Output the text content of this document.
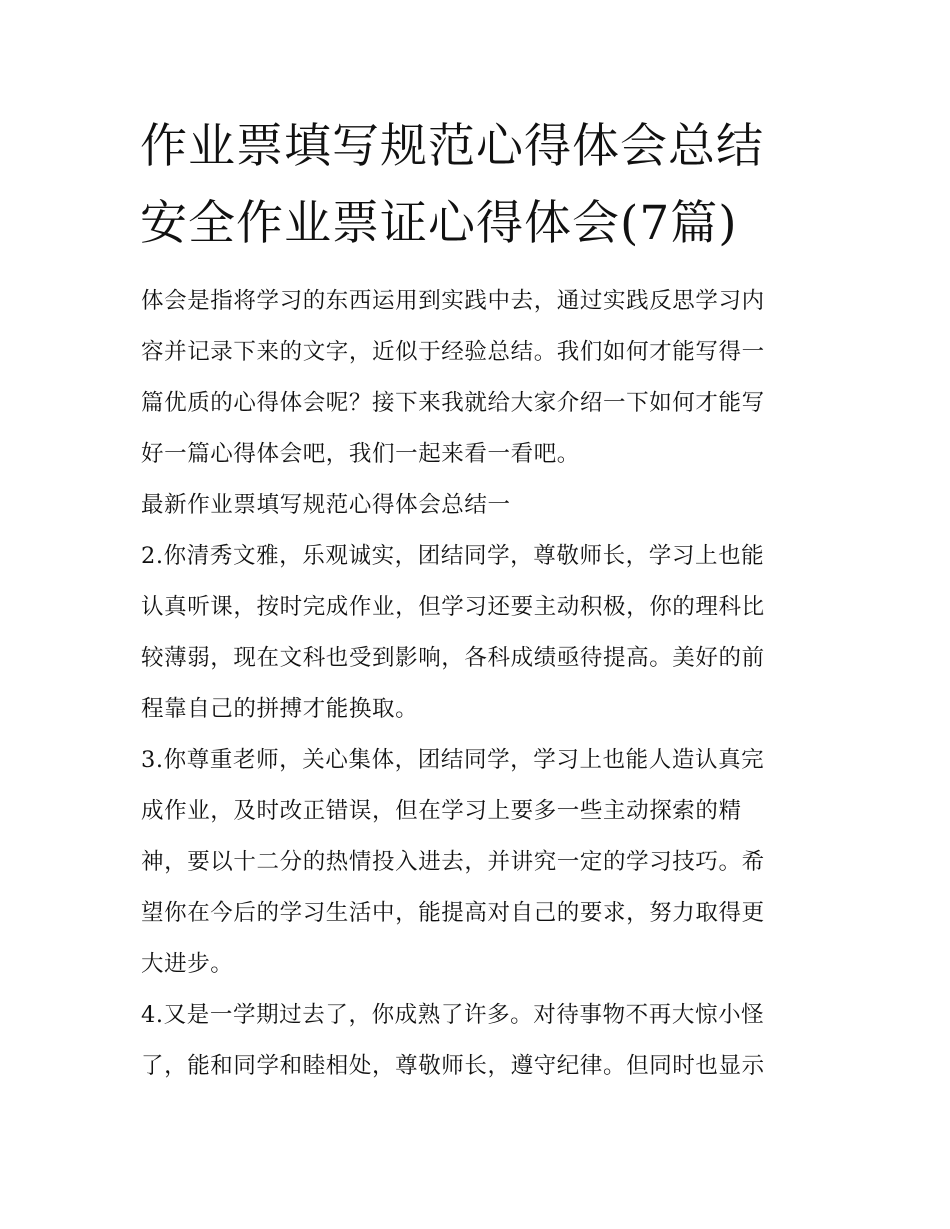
作业票填写规范心得体会总结
安全作业票证心得体会(7篇)

体会是指将学习的东西运用到实践中去，通过实践反思学习内

容并记录下来的文字，近似于经验总结。我们如何才能写得一

篇优质的心得体会呢？接下来我就给大家介绍一下如何才能写

好一篇心得体会吧，我们一起来看一看吧。

最新作业票填写规范心得体会总结一

2.你清秀文雅，乐观诚实，团结同学，尊敬师长，学习上也能

认真听课，按时完成作业，但学习还要主动积极，你的理科比

较薄弱，现在文科也受到影响，各科成绩亟待提高。美好的前

程靠自己的拼搏才能换取。

3.你尊重老师，关心集体，团结同学，学习上也能人造认真完

成作业，及时改正错误，但在学习上要多一些主动探索的精

神，要以十二分的热情投入进去，并讲究一定的学习技巧。希

望你在今后的学习生活中，能提高对自己的要求，努力取得更

大进步。

4.又是一学期过去了，你成熟了许多。对待事物不再大惊小怪

了，能和同学和睦相处，尊敬师长，遵守纪律。但同时也显示
